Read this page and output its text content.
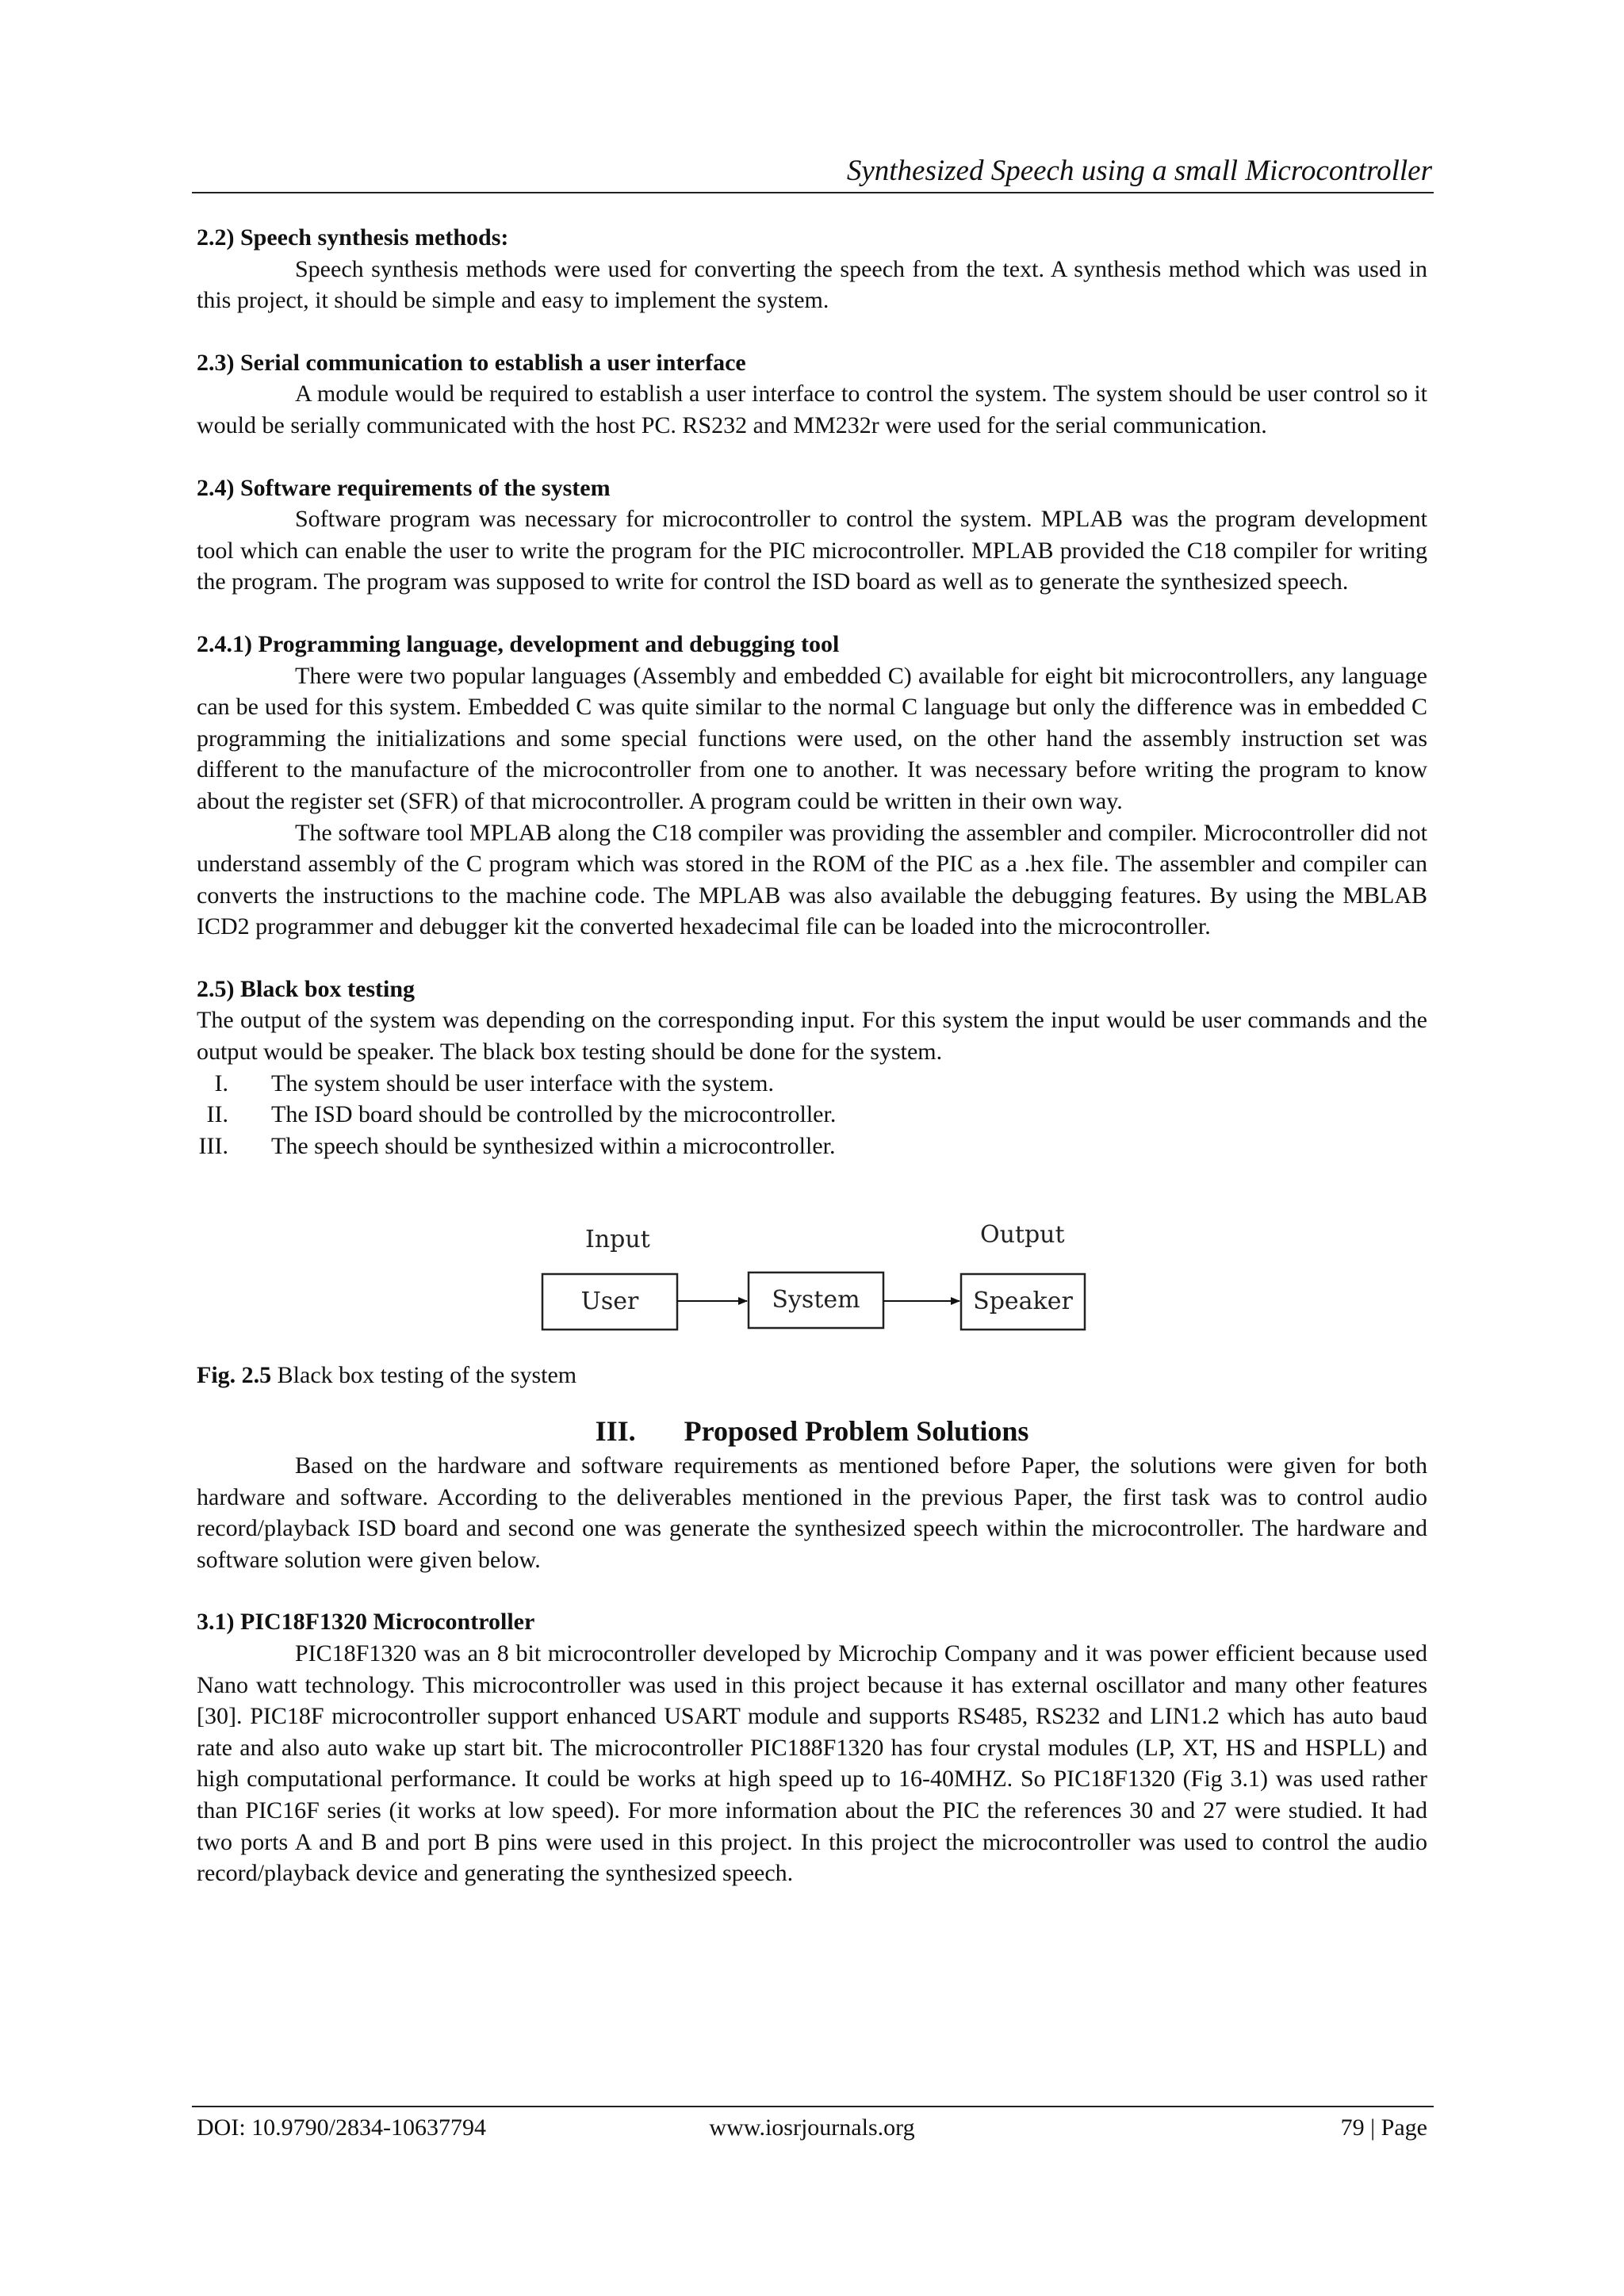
Synthesized Speech using a small Microcontroller

2.2) Speech synthesis methods:

Speech synthesis methods were used for converting the speech from the text. A synthesis method which was used in this project, it should be simple and easy to implement the system.

2.3) Serial communication to establish a user interface

A module would be required to establish a user interface to control the system. The system should be user control so it would be serially communicated with the host PC. RS232 and MM232r were used for the serial communication.

2.4) Software requirements of the system

Software program was necessary for microcontroller to control the system. MPLAB was the program development tool which can enable the user to write the program for the PIC microcontroller. MPLAB provided the C18 compiler for writing the program. The program was supposed to write for control the ISD board as well as to generate the synthesized speech.

2.4.1) Programming language, development and debugging tool

There were two popular languages (Assembly and embedded C) available for eight bit microcontrollers, any language can be used for this system. Embedded C was quite similar to the normal C language but only the difference was in embedded C programming the initializations and some special functions were used, on the other hand the assembly instruction set was different to the manufacture of the microcontroller from one to another. It was necessary before writing the program to know about the register set (SFR) of that microcontroller. A program could be written in their own way.

The software tool MPLAB along the C18 compiler was providing the assembler and compiler. Microcontroller did not understand assembly of the C program which was stored in the ROM of the PIC as a .hex file. The assembler and compiler can converts the instructions to the machine code. The MPLAB was also available the debugging features. By using the MBLAB ICD2 programmer and debugger kit the converted hexadecimal file can be loaded into the microcontroller.

2.5) Black box testing

The output of the system was depending on the corresponding input. For this system the input would be user commands and the output would be speaker. The black box testing should be done for the system.

I. The system should be user interface with the system.
II. The ISD board should be controlled by the microcontroller.
III. The speech should be synthesized within a microcontroller.
Input	Output
User	System	Speaker

Fig. 2.5 Black box testing of the system

III. Proposed Problem Solutions

Based on the hardware and software requirements as mentioned before Paper, the solutions were given for both hardware and software. According to the deliverables mentioned in the previous Paper, the first task was to control audio record/playback ISD board and second one was generate the synthesized speech within the microcontroller. The hardware and software solution were given below.

3.1) PIC18F1320 Microcontroller

PIC18F1320 was an 8 bit microcontroller developed by Microchip Company and it was power efficient because used Nano watt technology. This microcontroller was used in this project because it has external oscillator and many other features [30]. PIC18F microcontroller support enhanced USART module and supports RS485, RS232 and LIN1.2 which has auto baud rate and also auto wake up start bit. The microcontroller PIC188F1320 has four crystal modules (LP, XT, HS and HSPLL) and high computational performance. It could be works at high speed up to 16-40MHZ. So PIC18F1320 (Fig 3.1) was used rather than PIC16F series (it works at low speed). For more information about the PIC the references 30 and 27 were studied. It had two ports A and B and port B pins were used in this project. In this project the microcontroller was used to control the audio record/playback device and generating the synthesized speech.

DOI: 10.9790/2834-10637794	www.iosrjournals.org	79 | Page
